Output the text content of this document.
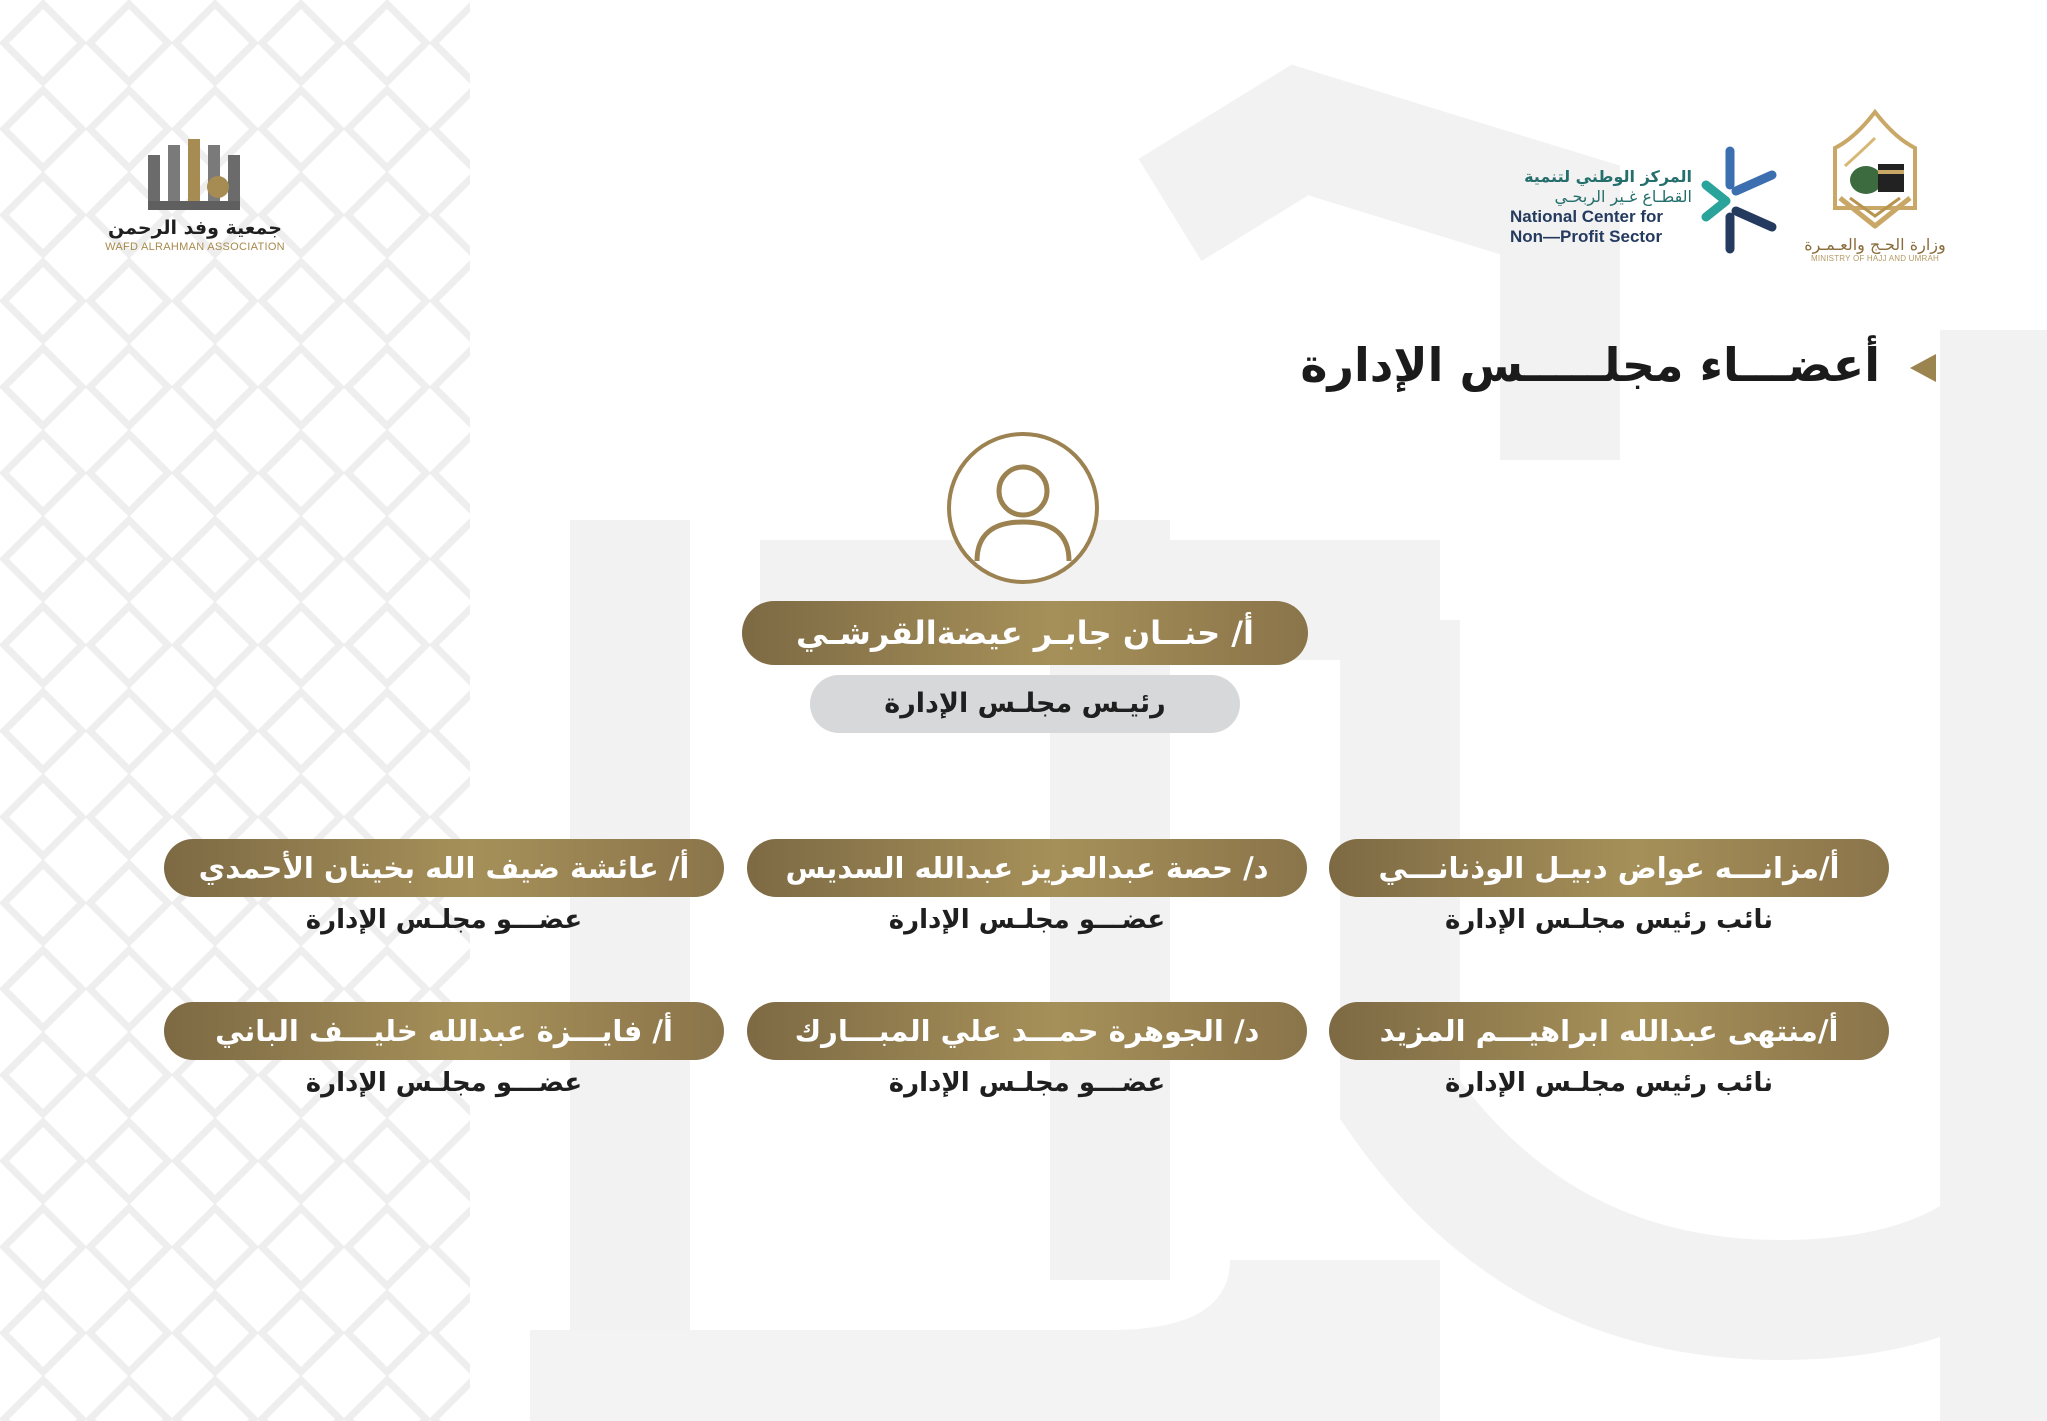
جمعية وفد الرحمن
WAFD ALRAHMAN ASSOCIATION
المركز الوطني لتنمية
القطـاع غـير الربحـي
National Center for
Non—Profit Sector	وزارة الحـج والعـمـرة
MINISTRY OF HAJJ AND UMRAH
أعضـــاء مجلـــــس الإدارة
أ/ حنــان جابـر عيضةالقرشـي
رئيـس مجلـس الإدارة
أ/مزانـــه عواض دبيـل الوذنانـــي
نائب رئيس مجلـس الإدارة
د/ حصة عبدالعزيز عبدالله السديس
عضـــو مجلـس الإدارة
أ/ عائشة ضيف الله بخيتان الأحمدي
عضـــو مجلـس الإدارة
أ/منتهى عبدالله ابراهيـــم المزيد
نائب رئيس مجلـس الإدارة
د/ الجوهرة حمـــد علي المبـــارك
عضـــو مجلـس الإدارة
أ/ فايـــزة عبدالله خليـــف الباني
عضـــو مجلـس الإدارة
